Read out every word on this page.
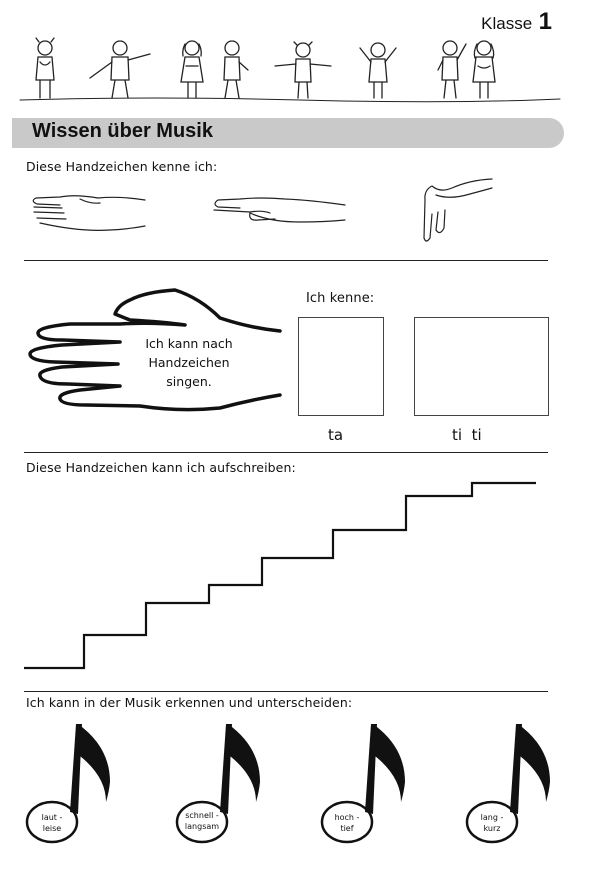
Klasse 1
Wissen über Musik
Diese Handzeichen kenne ich:
Ich kann nach Handzeichen singen.
Ich kenne:
ta	ti  ti
Diese Handzeichen kann ich aufschreiben:
Ich kann in der Musik erkennen und unterscheiden:
laut -
leise
schnell -
langsam
hoch -
tief
lang -
kurz
